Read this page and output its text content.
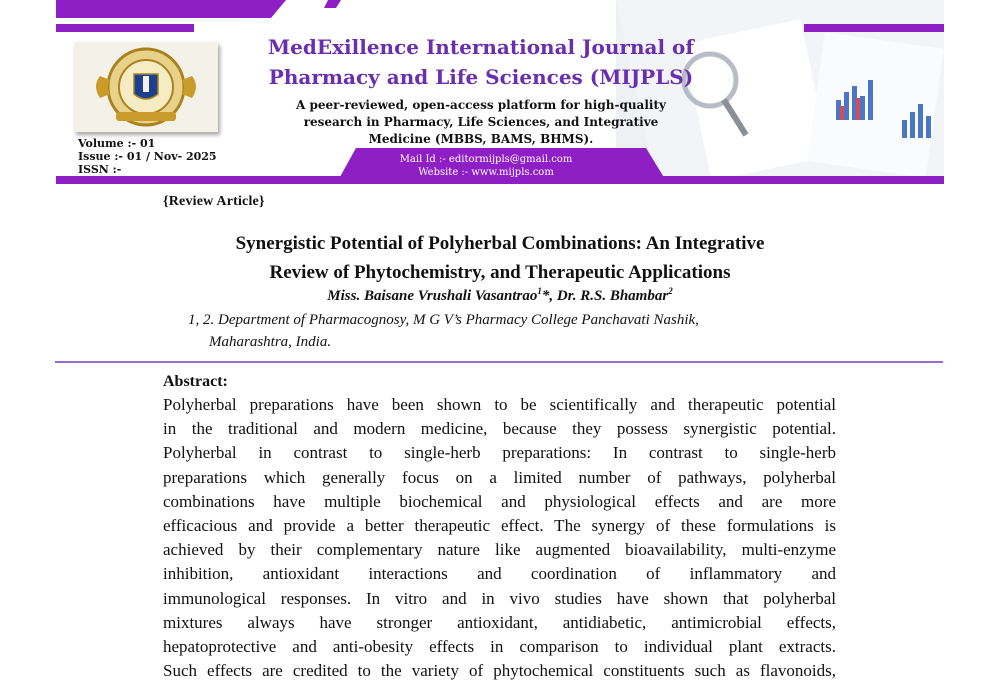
MedExillence International Journal of
Pharmacy and Life Sciences (MIJPLS)
A peer-reviewed, open-access platform for high-quality
research in Pharmacy, Life Sciences, and Integrative
Medicine (MBBS, BAMS, BHMS).
Mail Id :- editormijpls@gmail.com
Website :- www.mijpls.com
Volume :- 01
Issue :- 01 / Nov- 2025
ISSN :-
{Review Article}
Synergistic Potential of Polyherbal Combinations: An Integrative
Review of Phytochemistry, and Therapeutic Applications
Miss. Baisane Vrushali Vasantrao$^1$*, Dr. R.S. Bhambar$^2$
1, 2. Department of Pharmacognosy, M G V’s Pharmacy College Panchavati Nashik,
Maharashtra, India.
Abstract:
Polyherbal preparations have been shown to be scientifically and therapeutic potential
in the traditional and modern medicine, because they possess synergistic potential.
Polyherbal in contrast to single-herb preparations: In contrast to single-herb
preparations which generally focus on a limited number of pathways, polyherbal
combinations have multiple biochemical and physiological effects and are more
efficacious and provide a better therapeutic effect. The synergy of these formulations is
achieved by their complementary nature like augmented bioavailability, multi-enzyme
inhibition, antioxidant interactions and coordination of inflammatory and
immunological responses. In vitro and in vivo studies have shown that polyherbal
mixtures always have stronger antioxidant, antidiabetic, antimicrobial effects,
hepatoprotective and anti-obesity effects in comparison to individual plant extracts.
Such effects are credited to the variety of phytochemical constituents such as flavonoids,
